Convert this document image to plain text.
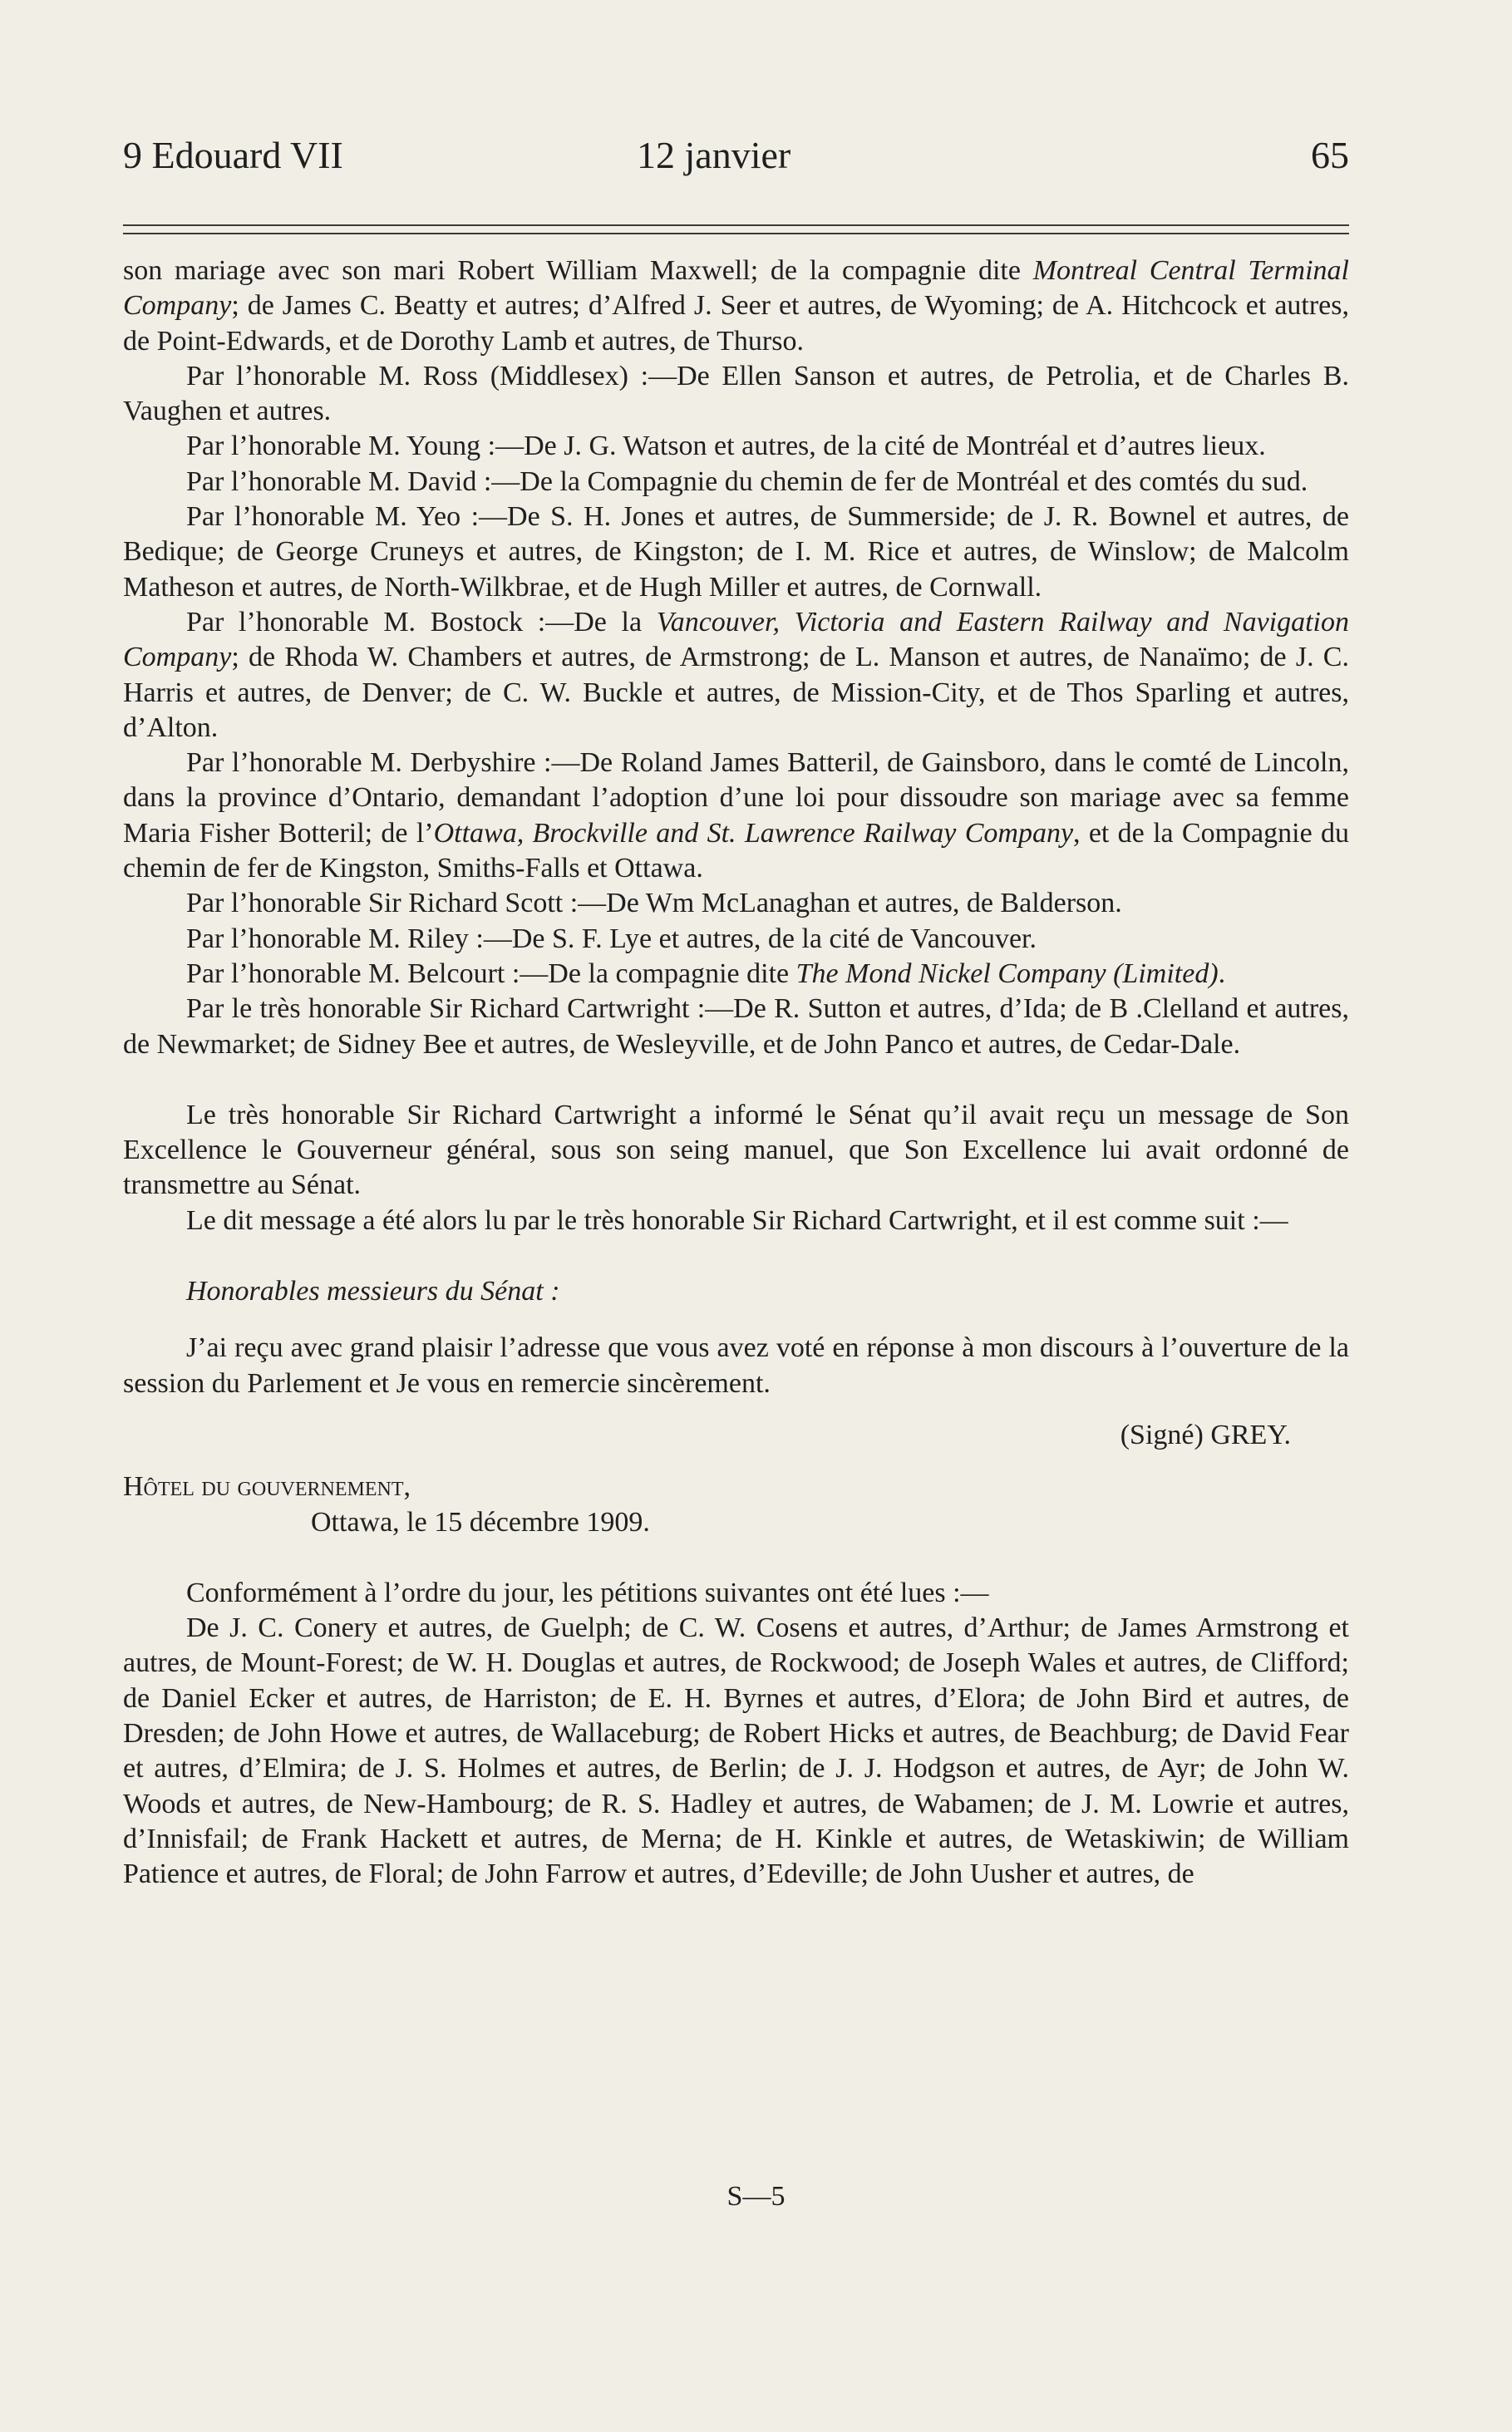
9 Edouard VII	12 janvier	65

son mariage avec son mari Robert William Maxwell; de la compagnie dite Montreal Central Terminal Company; de James C. Beatty et autres; d’Alfred J. Seer et autres, de Wyoming; de A. Hitchcock et autres, de Point-Edwards, et de Dorothy Lamb et autres, de Thurso.

Par l’honorable M. Ross (Middlesex) :—De Ellen Sanson et autres, de Petrolia, et de Charles B. Vaughen et autres.

Par l’honorable M. Young :—De J. G. Watson et autres, de la cité de Montréal et d’autres lieux.

Par l’honorable M. David :—De la Compagnie du chemin de fer de Montréal et des comtés du sud.

Par l’honorable M. Yeo :—De S. H. Jones et autres, de Summerside; de J. R. Bownel et autres, de Bedique; de George Cruneys et autres, de Kingston; de I. M. Rice et autres, de Winslow; de Malcolm Matheson et autres, de North-Wilkbrae, et de Hugh Miller et autres, de Cornwall.

Par l’honorable M. Bostock :—De la Vancouver, Victoria and Eastern Railway and Navigation Company; de Rhoda W. Chambers et autres, de Armstrong; de L. Manson et autres, de Nanaïmo; de J. C. Harris et autres, de Denver; de C. W. Buckle et autres, de Mission-City, et de Thos Sparling et autres, d’Alton.

Par l’honorable M. Derbyshire :—De Roland James Batteril, de Gainsboro, dans le comté de Lincoln, dans la province d’Ontario, demandant l’adoption d’une loi pour dissoudre son mariage avec sa femme Maria Fisher Botteril; de l’Ottawa, Brockville and St. Lawrence Railway Company, et de la Compagnie du chemin de fer de Kingston, Smiths-Falls et Ottawa.

Par l’honorable Sir Richard Scott :—De Wm McLanaghan et autres, de Balderson.

Par l’honorable M. Riley :—De S. F. Lye et autres, de la cité de Vancouver.

Par l’honorable M. Belcourt :—De la compagnie dite The Mond Nickel Company (Limited).

Par le très honorable Sir Richard Cartwright :—De R. Sutton et autres, d’Ida; de B .Clelland et autres, de Newmarket; de Sidney Bee et autres, de Wesleyville, et de John Panco et autres, de Cedar-Dale.

Le très honorable Sir Richard Cartwright a informé le Sénat qu’il avait reçu un message de Son Excellence le Gouverneur général, sous son seing manuel, que Son Excellence lui avait ordonné de transmettre au Sénat.

Le dit message a été alors lu par le très honorable Sir Richard Cartwright, et il est comme suit :—

Honorables messieurs du Sénat :

J’ai reçu avec grand plaisir l’adresse que vous avez voté en réponse à mon discours à l’ouverture de la session du Parlement et Je vous en remercie sincèrement.

(Signé) GREY.

Hôtel du gouvernement,

Ottawa, le 15 décembre 1909.

Conformément à l’ordre du jour, les pétitions suivantes ont été lues :—

De J. C. Conery et autres, de Guelph; de C. W. Cosens et autres, d’Arthur; de James Armstrong et autres, de Mount-Forest; de W. H. Douglas et autres, de Rockwood; de Joseph Wales et autres, de Clifford; de Daniel Ecker et autres, de Harriston; de E. H. Byrnes et autres, d’Elora; de John Bird et autres, de Dresden; de John Howe et autres, de Wallaceburg; de Robert Hicks et autres, de Beachburg; de David Fear et autres, d’Elmira; de J. S. Holmes et autres, de Berlin; de J. J. Hodgson et autres, de Ayr; de John W. Woods et autres, de New-Hambourg; de R. S. Hadley et autres, de Wabamen; de J. M. Lowrie et autres, d’Innisfail; de Frank Hackett et autres, de Merna; de H. Kinkle et autres, de Wetaskiwin; de William Patience et autres, de Floral; de John Farrow et autres, d’Edeville; de John Uusher et autres, de

S—5
